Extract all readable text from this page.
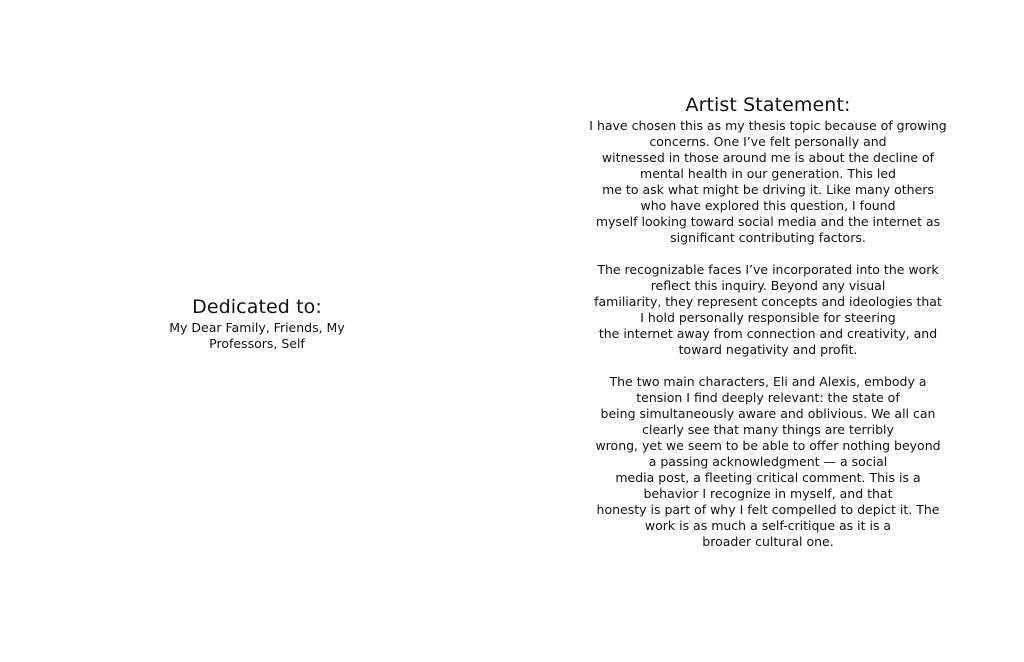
Dedicated to:

My Dear Family, Friends, My

Professors, Self

Artist Statement:
I have chosen this as my thesis topic because of growing
concerns. One I’ve felt personally and
witnessed in those around me is about the decline of
mental health in our generation. This led
me to ask what might be driving it. Like many others
who have explored this question, I found
myself looking toward social media and the internet as
significant contributing factors.
The recognizable faces I’ve incorporated into the work
reflect this inquiry. Beyond any visual
familiarity, they represent concepts and ideologies that
I hold personally responsible for steering
the internet away from connection and creativity, and
toward negativity and profit.
The two main characters, Eli and Alexis, embody a
tension I find deeply relevant: the state of
being simultaneously aware and oblivious. We all can
clearly see that many things are terribly
wrong, yet we seem to be able to offer nothing beyond
a passing acknowledgment — a social
media post, a fleeting critical comment. This is a
behavior I recognize in myself, and that
honesty is part of why I felt compelled to depict it. The
work is as much a self-critique as it is a
broader cultural one.
